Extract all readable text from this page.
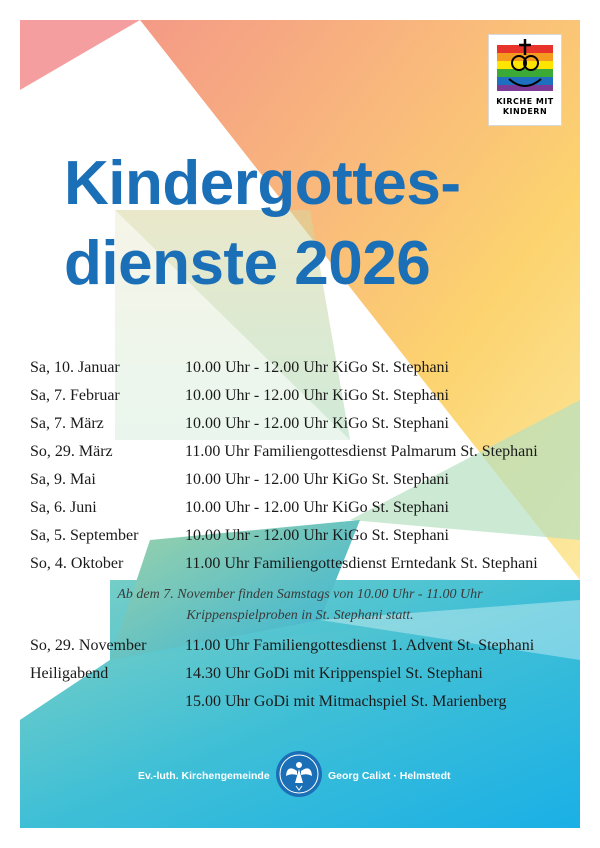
KIRCHE MIT
KINDERN
Kindergottes-
dienste 2026
Sa, 10. Januar	10.00 Uhr - 12.00 Uhr KiGo St. Stephani
Sa, 7. Februar	10.00 Uhr - 12.00 Uhr KiGo St. Stephani
Sa, 7. März	10.00 Uhr - 12.00 Uhr KiGo St. Stephani
So, 29. März	11.00 Uhr Familiengottesdienst Palmarum St. Stephani
Sa, 9. Mai	10.00 Uhr - 12.00 Uhr KiGo St. Stephani
Sa, 6. Juni	10.00 Uhr - 12.00 Uhr KiGo St. Stephani
Sa, 5. September	10.00 Uhr - 12.00 Uhr KiGo St. Stephani
So, 4. Oktober	11.00 Uhr Familiengottesdienst Erntedank St. Stephani
Ab dem 7. November finden Samstags von 10.00 Uhr - 11.00 Uhr
Krippenspielproben in St. Stephani statt.
So, 29. November 11.00 Uhr Familiengottesdienst 1. Advent St. Stephani
Heiligabend	14.30 Uhr GoDi mit Krippenspiel St. Stephani
15.00 Uhr GoDi mit Mitmachspiel St. Marienberg
Ev.-luth. Kirchengemeinde	Georg Calixt · Helmstedt
